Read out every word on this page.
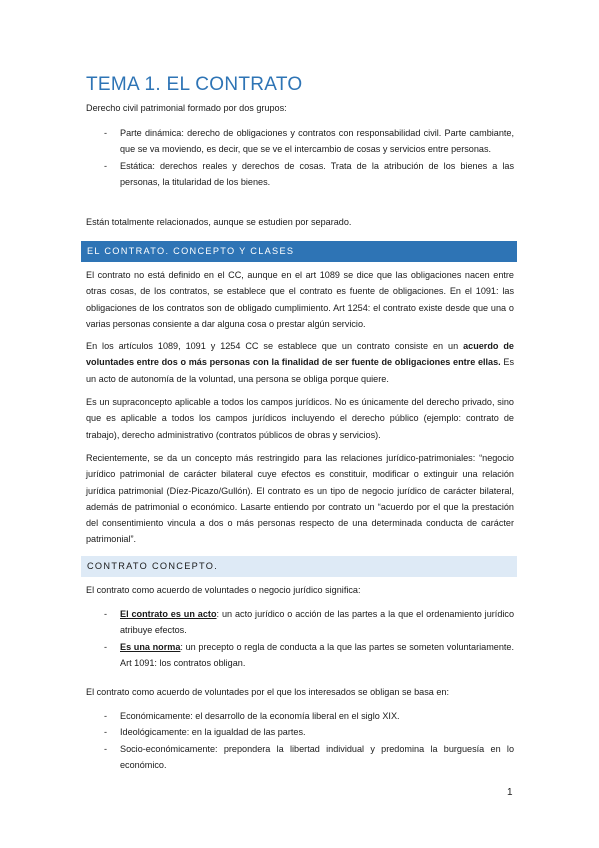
TEMA 1. EL CONTRATO
Derecho civil patrimonial formado por dos grupos:
- Parte dinámica: derecho de obligaciones y contratos con responsabilidad civil. Parte cambiante, que se va moviendo, es decir, que se ve el intercambio de cosas y servicios entre personas.
- Estática: derechos reales y derechos de cosas. Trata de la atribución de los bienes a las personas, la titularidad de los bienes.
Están totalmente relacionados, aunque se estudien por separado.
EL CONTRATO. CONCEPTO Y CLASES
El contrato no está definido en el CC, aunque en el art 1089 se dice que las obligaciones nacen entre otras cosas, de los contratos, se establece que el contrato es fuente de obligaciones. En el 1091: las obligaciones de los contratos son de obligado cumplimiento. Art 1254: el contrato existe desde que una o varias personas consiente a dar alguna cosa o prestar algún servicio.
En los artículos 1089, 1091 y 1254 CC se establece que un contrato consiste en un acuerdo de voluntades entre dos o más personas con la finalidad de ser fuente de obligaciones entre ellas. Es un acto de autonomía de la voluntad, una persona se obliga porque quiere.
Es un supraconcepto aplicable a todos los campos jurídicos. No es únicamente del derecho privado, sino que es aplicable a todos los campos jurídicos incluyendo el derecho público (ejemplo: contrato de trabajo), derecho administrativo (contratos públicos de obras y servicios).
Recientemente, se da un concepto más restringido para las relaciones jurídico-patrimoniales: “negocio jurídico patrimonial de carácter bilateral cuye efectos es constituir, modificar o extinguir una relación jurídica patrimonial (Díez-Picazo/Gullón). El contrato es un tipo de negocio jurídico de carácter bilateral, además de patrimonial o económico. Lasarte entiendo por contrato un “acuerdo por el que la prestación del consentimiento vincula a dos o más personas respecto de una determinada conducta de carácter patrimonial”.
CONTRATO CONCEPTO.
El contrato como acuerdo de voluntades o negocio jurídico significa:
- El contrato es un acto: un acto jurídico o acción de las partes a la que el ordenamiento jurídico atribuye efectos.
- Es una norma: un precepto o regla de conducta a la que las partes se someten voluntariamente. Art 1091: los contratos obligan.
El contrato como acuerdo de voluntades por el que los interesados se obligan se basa en:
- Económicamente: el desarrollo de la economía liberal en el siglo XIX.
- Ideológicamente: en la igualdad de las partes.
- Socio-económicamente: prepondera la libertad individual y predomina la burguesía en lo económico.
1
